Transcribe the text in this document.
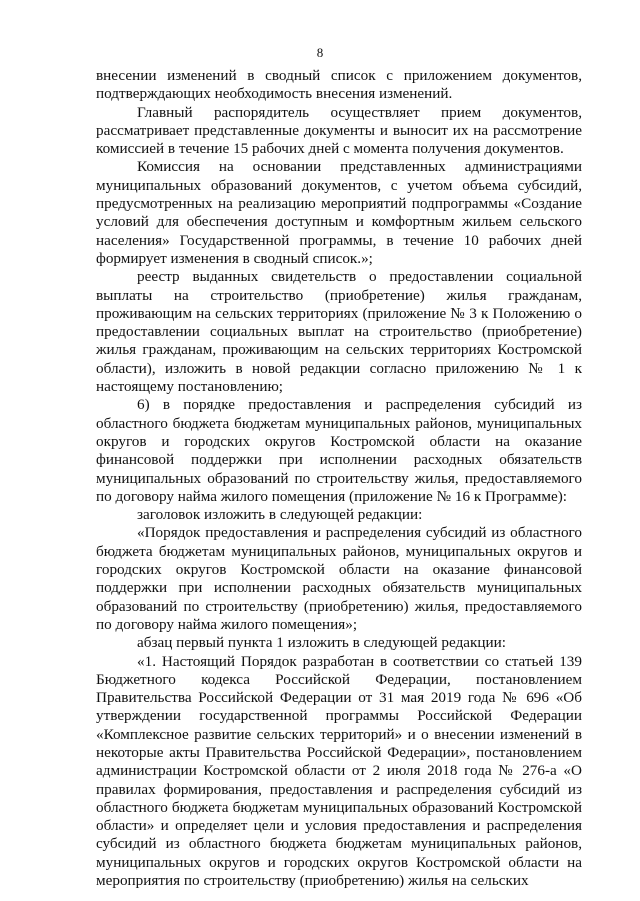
8

внесении изменений в сводный список с приложением документов, подтверждающих необходимость внесения изменений.

Главный распорядитель осуществляет прием документов, рассматривает представленные документы и выносит их на рассмотрение комиссией в течение 15 рабочих дней с момента получения документов.

Комиссия на основании представленных администрациями муниципальных образований документов, с учетом объема субсидий, предусмотренных на реализацию мероприятий подпрограммы «Создание условий для обеспечения доступным и комфортным жильем сельского населения» Государственной программы, в течение 10 рабочих дней формирует изменения в сводный список.»;

реестр выданных свидетельств о предоставлении социальной выплаты на строительство (приобретение) жилья гражданам, проживающим на сельских территориях (приложение № 3 к Положению о предоставлении социальных выплат на строительство (приобретение) жилья гражданам, проживающим на сельских территориях Костромской области), изложить в новой редакции согласно приложению № 1 к настоящему постановлению;

6) в порядке предоставления и распределения субсидий из областного бюджета бюджетам муниципальных районов, муниципальных округов и городских округов Костромской области на оказание финансовой поддержки при исполнении расходных обязательств муниципальных образований по строительству жилья, предоставляемого по договору найма жилого помещения (приложение № 16 к Программе):

заголовок изложить в следующей редакции:

«Порядок предоставления и распределения субсидий из областного бюджета бюджетам муниципальных районов, муниципальных округов и городских округов Костромской области на оказание финансовой поддержки при исполнении расходных обязательств муниципальных образований по строительству (приобретению) жилья, предоставляемого по договору найма жилого помещения»;

абзац первый пункта 1 изложить в следующей редакции:

«1. Настоящий Порядок разработан в соответствии со статьей 139 Бюджетного кодекса Российской Федерации, постановлением Правительства Российской Федерации от 31 мая 2019 года № 696 «Об утверждении государственной программы Российской Федерации «Комплексное развитие сельских территорий» и о внесении изменений в некоторые акты Правительства Российской Федерации», постановлением администрации Костромской области от 2 июля 2018 года № 276-а «О правилах формирования, предоставления и распределения субсидий из областного бюджета бюджетам муниципальных образований Костромской области» и определяет цели и условия предоставления и распределения субсидий из областного бюджета бюджетам муниципальных районов, муниципальных округов и городских округов Костромской области на мероприятия по строительству (приобретению) жилья на сельских
